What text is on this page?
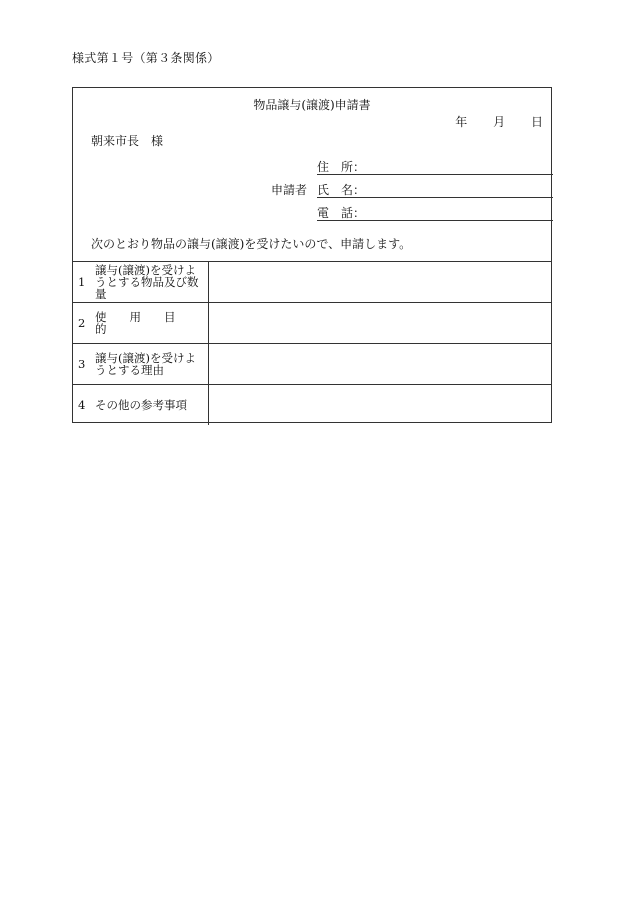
様式第１号（第３条関係）
物品譲与(譲渡)申請書
年 月 日
朝来市長　様
申請者
住　所：
氏　名：
電　話：
次のとおり物品の譲与(譲渡)を受けたいので、申請します。
1
譲与(譲渡)を受けようとする物品及び数量
2 使　　用　　目　　的
3 譲与(譲渡)を受けようとする理由
4 その他の参考事項
